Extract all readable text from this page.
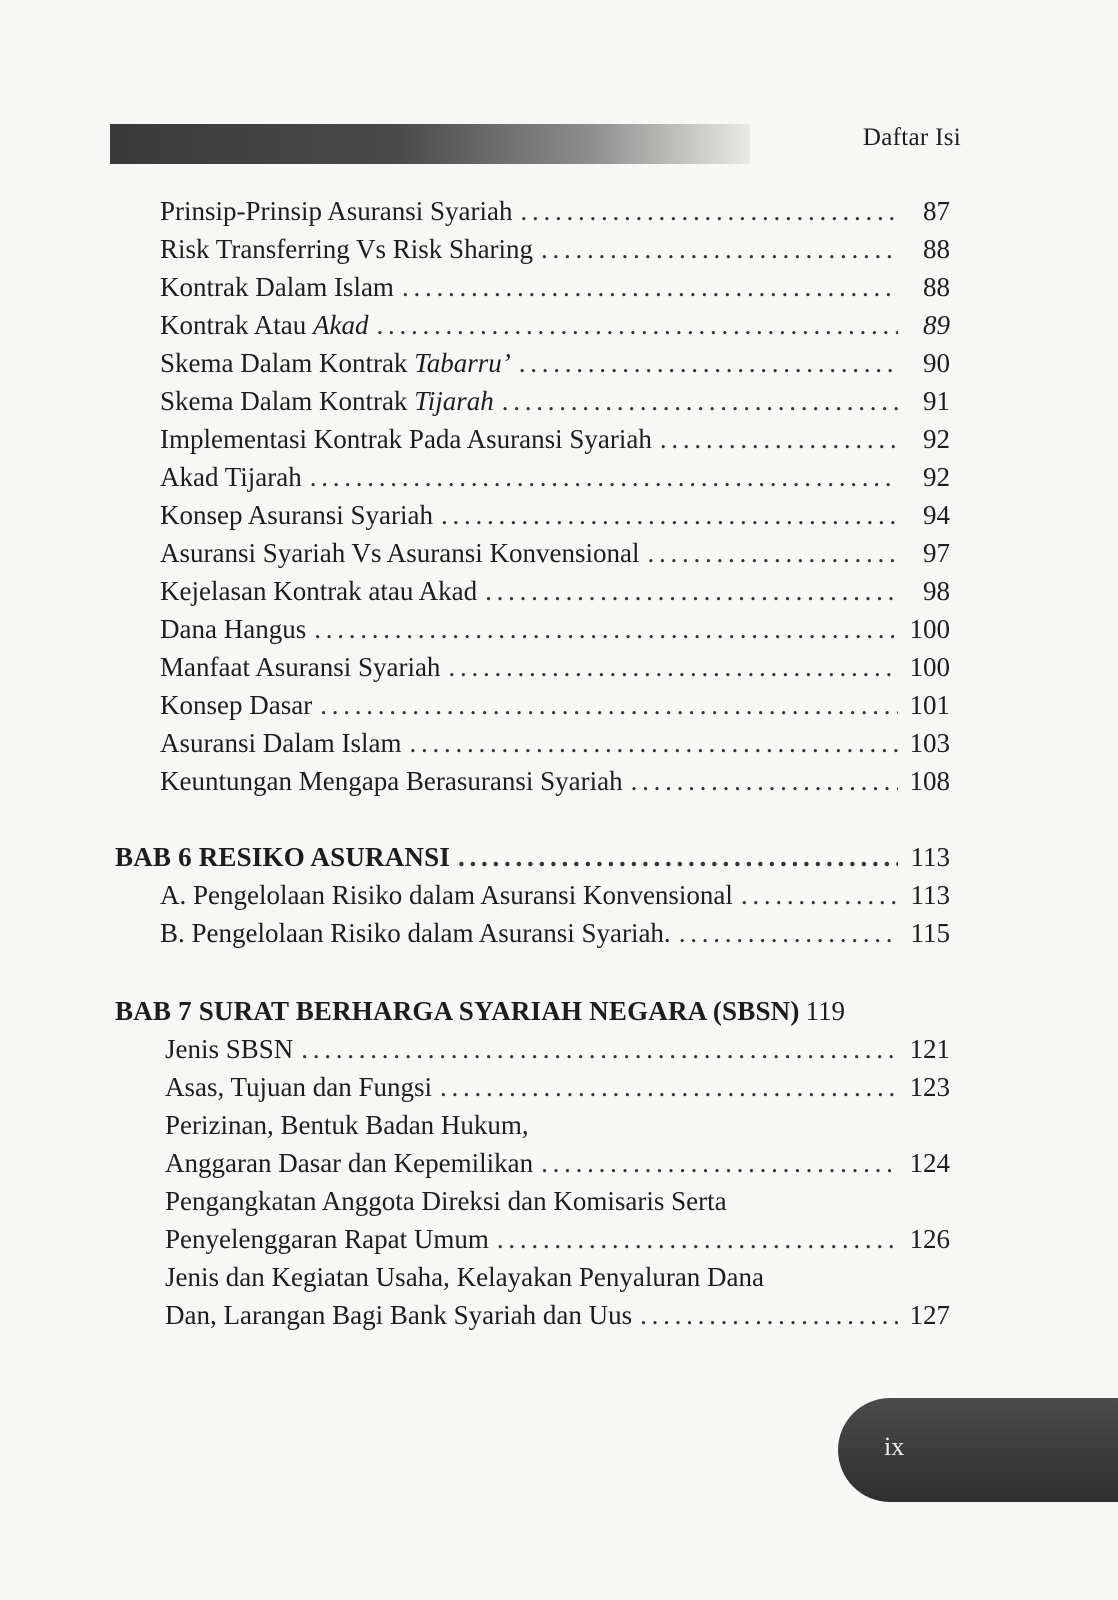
Daftar Isi
Prinsip-Prinsip Asuransi Syariah . . .	87
Risk Transferring Vs Risk Sharing . . .	88
Kontrak Dalam Islam . . .	88
Kontrak Atau Akad . . .	89
Skema Dalam Kontrak Tabarru’ . . .	90
Skema Dalam Kontrak Tijarah . . .	91
Implementasi Kontrak Pada Asuransi Syariah . . .	92
Akad Tijarah . . .	92
Konsep Asuransi Syariah . . .	94
Asuransi Syariah Vs Asuransi Konvensional . . .	97
Kejelasan Kontrak atau Akad . . .	98
Dana Hangus . . .	100
Manfaat Asuransi Syariah . . .	100
Konsep Dasar . . .	101
Asuransi Dalam Islam . . .	103
Keuntungan Mengapa Berasuransi Syariah . . .	108
BAB 6 RESIKO ASURANSI . . .	113
A. Pengelolaan Risiko dalam Asuransi Konvensional . . .	113
B. Pengelolaan Risiko dalam Asuransi Syariah. . . .	115
BAB 7 SURAT BERHARGA SYARIAH NEGARA (SBSN) 119
Jenis SBSN . . .	121
Asas, Tujuan dan Fungsi . . .	123
Perizinan, Bentuk Badan Hukum,
Anggaran Dasar dan Kepemilikan . . .	124
Pengangkatan Anggota Direksi dan Komisaris Serta
Penyelenggaran Rapat Umum . . .	126
Jenis dan Kegiatan Usaha, Kelayakan Penyaluran Dana
Dan, Larangan Bagi Bank Syariah dan Uus . . .	127
ix
